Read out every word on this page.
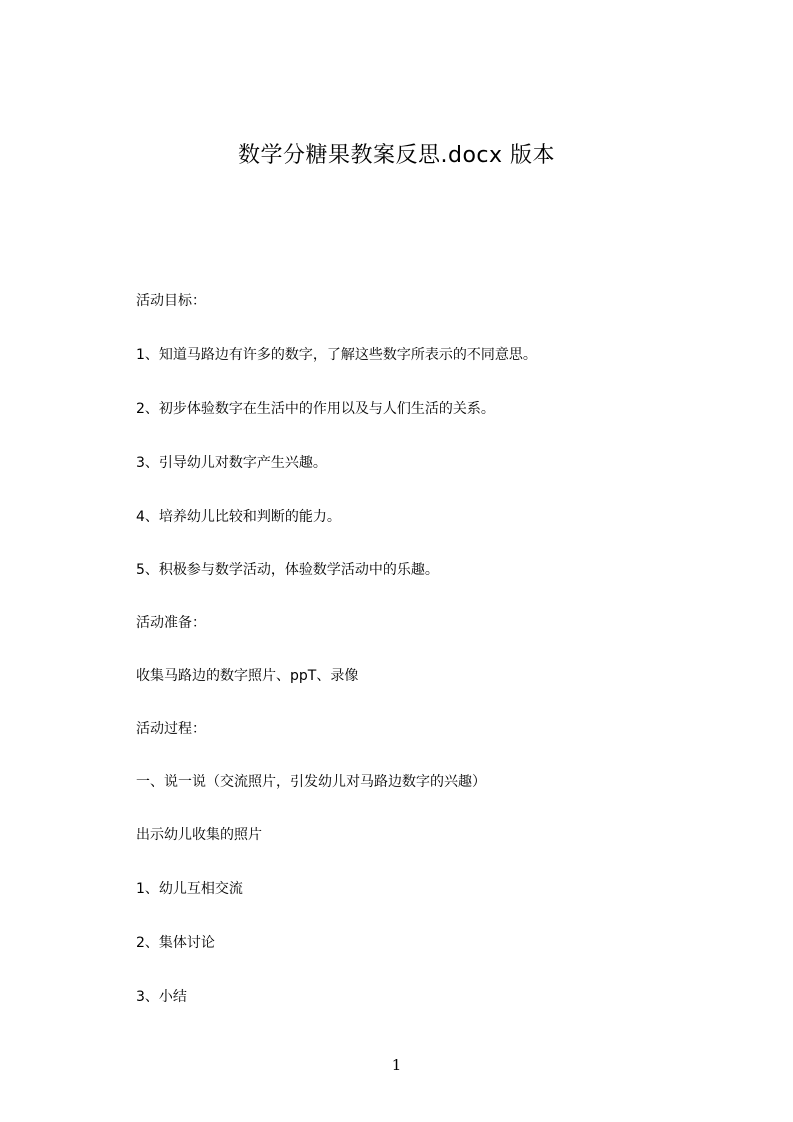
数学分糖果教案反思.docx 版本
活动目标：
1、知道马路边有许多的数字，了解这些数字所表示的不同意思。
2、初步体验数字在生活中的作用以及与人们生活的关系。
3、引导幼儿对数字产生兴趣。
4、培养幼儿比较和判断的能力。
5、积极参与数学活动，体验数学活动中的乐趣。
活动准备：
收集马路边的数字照片、ppT、录像
活动过程：
一、说一说（交流照片，引发幼儿对马路边数字的兴趣）
出示幼儿收集的照片
1、幼儿互相交流
2、集体讨论
3、小结
1
